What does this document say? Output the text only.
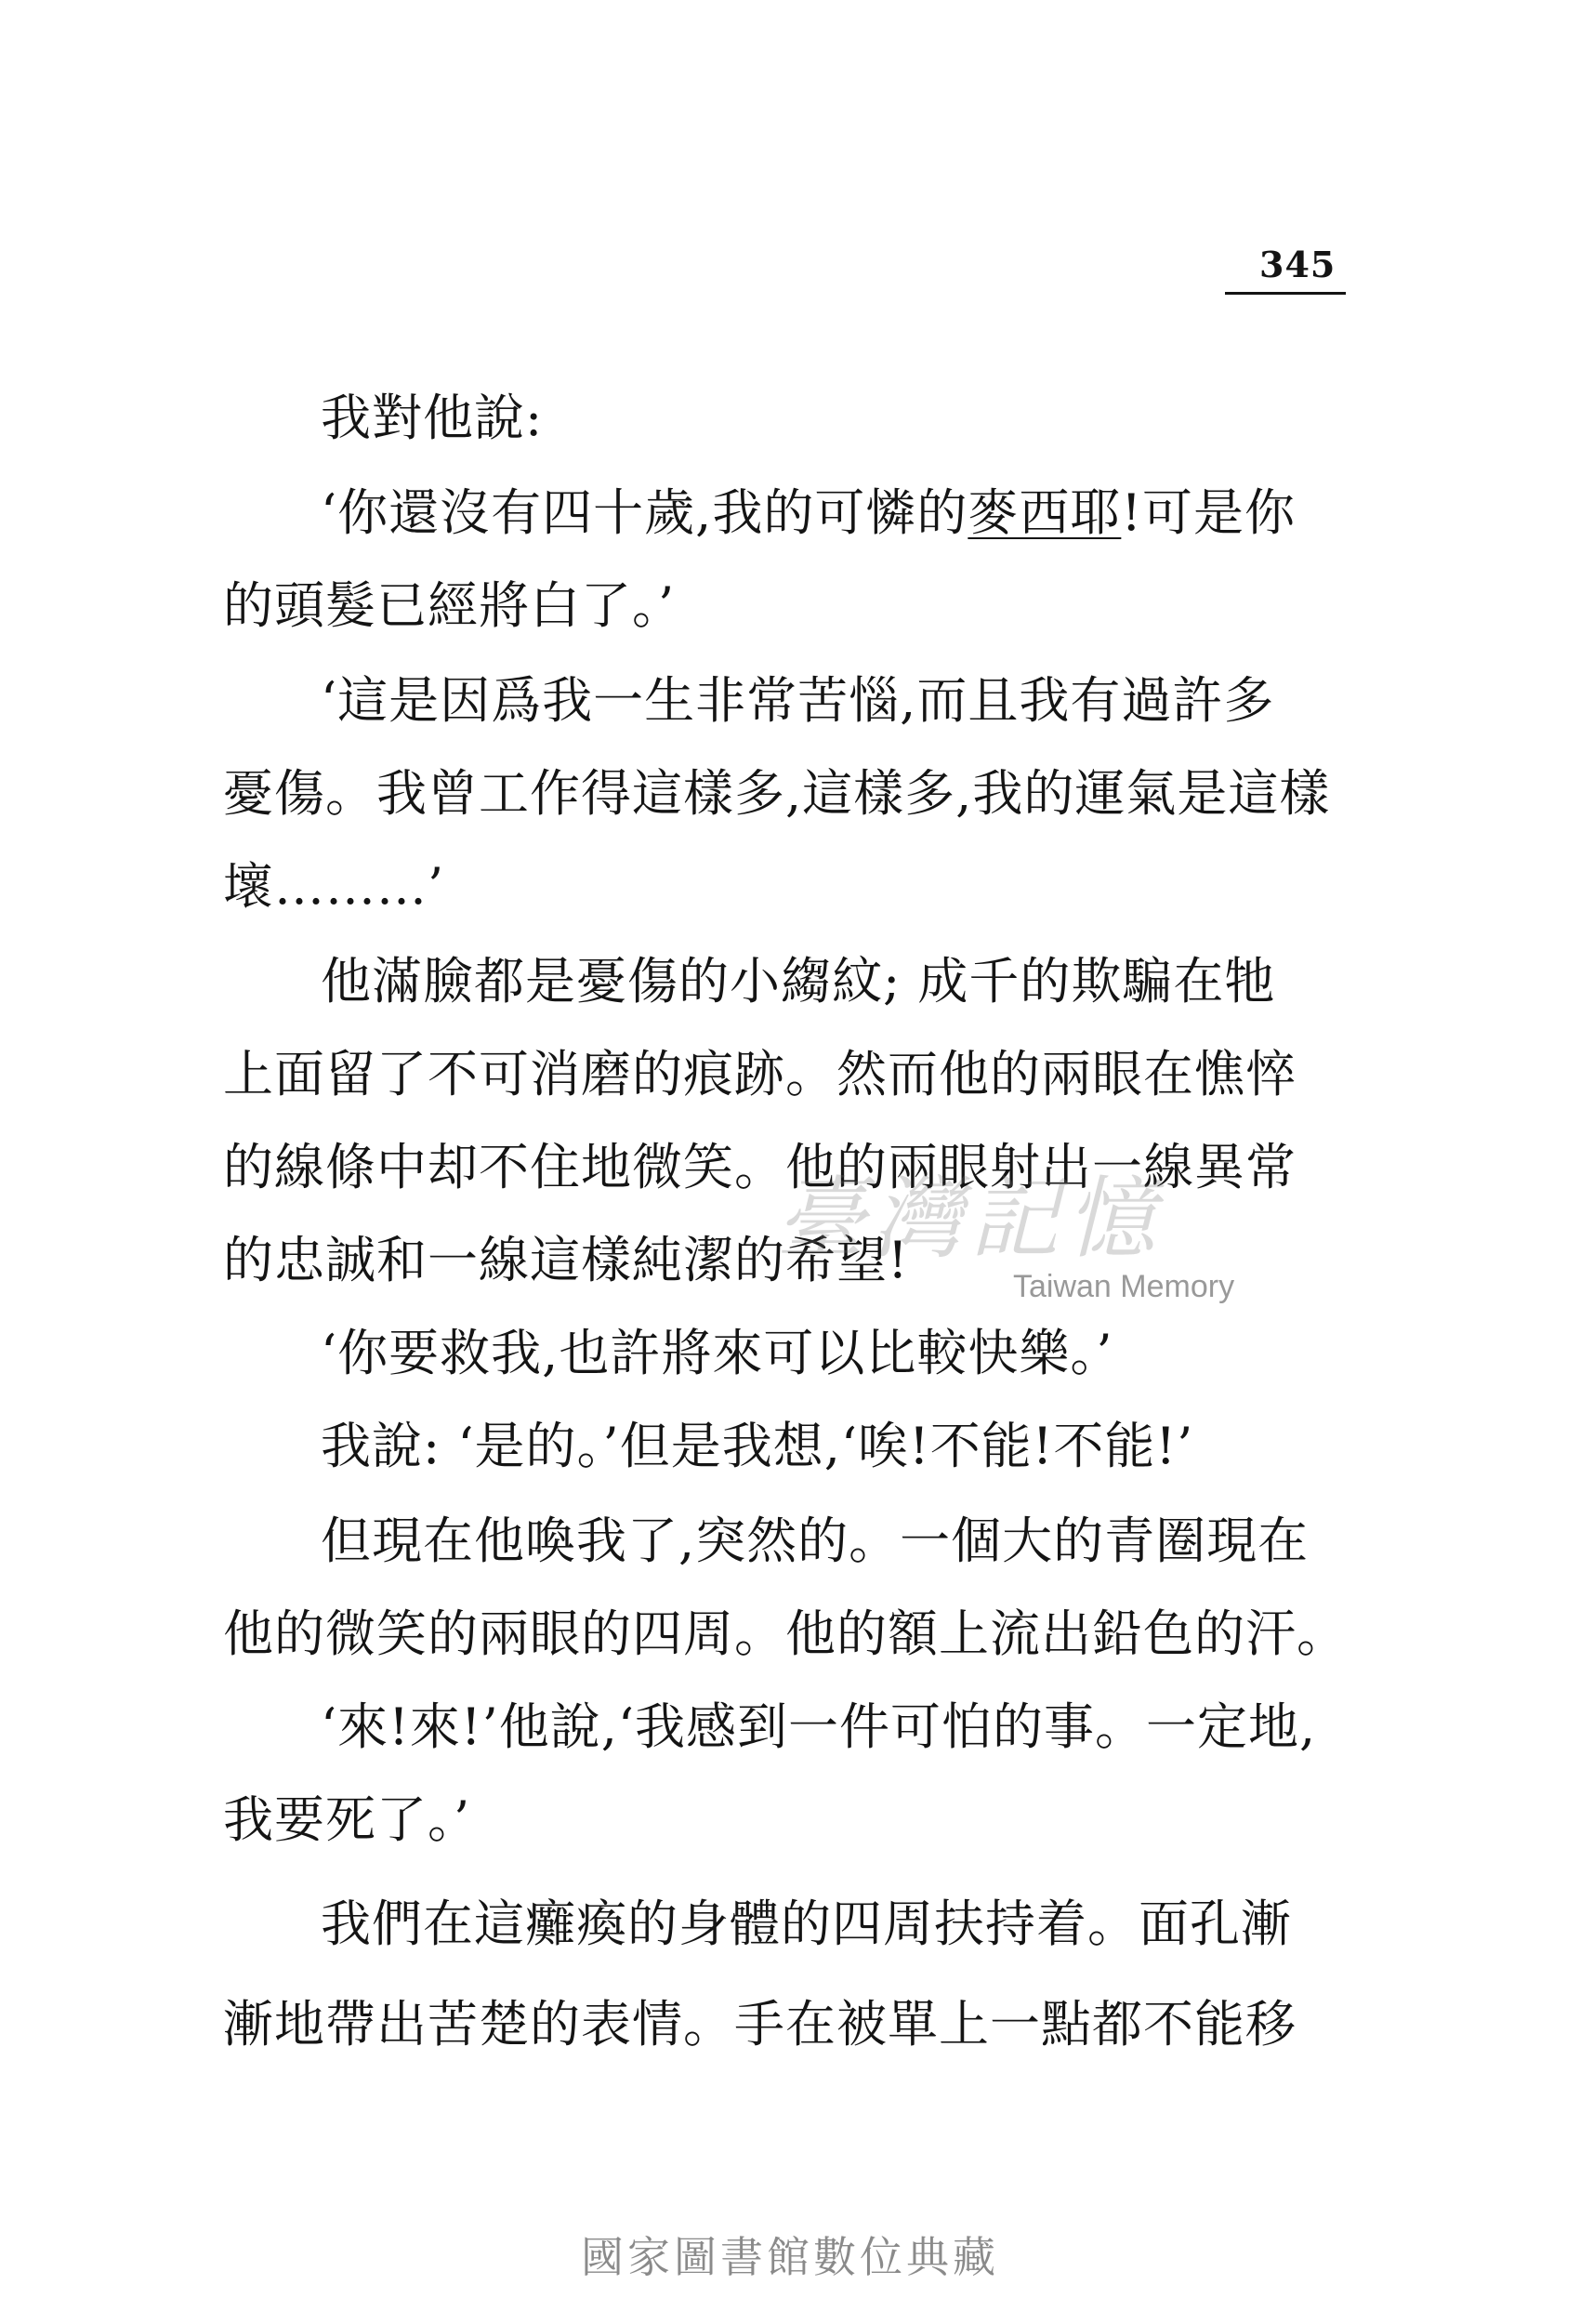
345
我對他說:
‘你還沒有四十歲,我的可憐的麥西耶!可是你
的頭髮已經將白了。’
‘這是因爲我一生非常苦惱,而且我有過許多
憂傷。我曾工作得這樣多,這樣多,我的運氣是這樣
壞………’
他滿臉都是憂傷的小縐紋; 成千的欺騙在牠
上面留了不可消磨的痕跡。然而他的兩眼在憔悴
的線條中却不住地微笑。他的兩眼射出一線異常
的忠誠和一線這樣純潔的希望!
‘你要救我,也許將來可以比較快樂。’
我說: ‘是的。’但是我想,‘唉!不能!不能!’
但現在他喚我了,突然的。一個大的青圈現在
他的微笑的兩眼的四周。他的額上流出鉛色的汗。
‘來!來!’他說,‘我感到一件可怕的事。一定地,
我要死了。’
我們在這癱瘓的身體的四周扶持着。面孔漸
漸地帶出苦楚的表情。手在被單上一點都不能移
臺灣記憶
Taiwan Memory
國家圖書館數位典藏
